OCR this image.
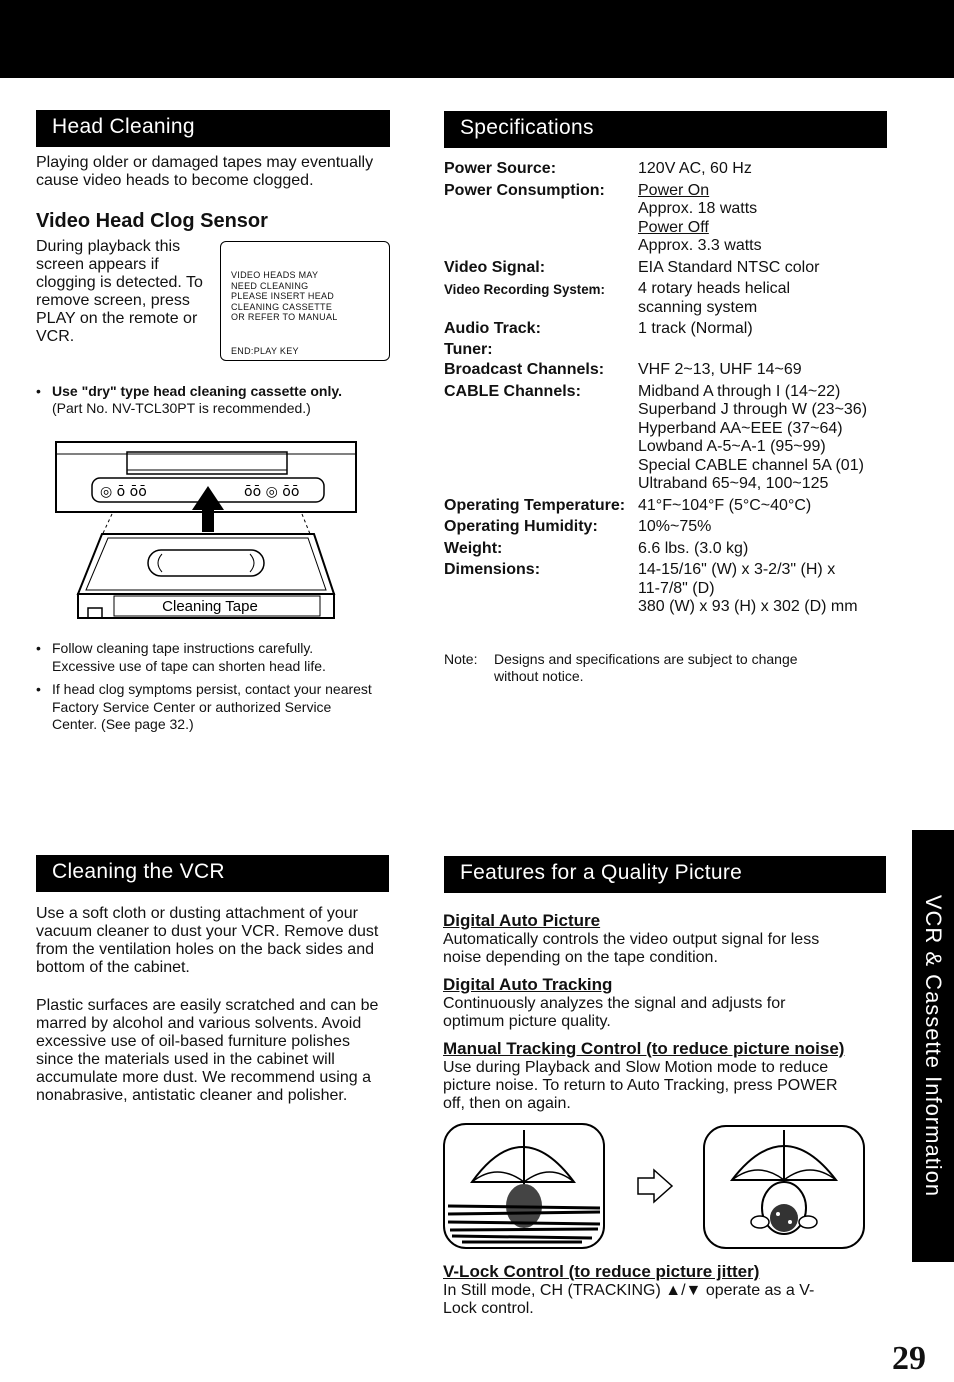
Head Cleaning

Playing older or damaged tapes may eventually cause video heads to become clogged.

Video Head Clog Sensor

During playback this screen appears if clogging is detected. To remove screen, press PLAY on the remote or VCR.

VIDEO HEADS MAY
NEED CLEANING
PLEASE INSERT HEAD
CLEANING CASSETTE
OR REFER TO MANUAL
END:PLAY KEY

• Use "dry" type head cleaning cassette only.
(Part No. NV-TCL30PT is recommended.)

◎ ō ōō	ōō ◎ ōō
Cleaning Tape
• Follow cleaning tape instructions carefully. Excessive use of tape can shorten head life.
• If head clog symptoms persist, contact your nearest Factory Service Center or authorized Service Center. (See page 32.)
Specifications
Power Source:	120V AC, 60 Hz
Power Consumption:	Power On
Approx. 18 watts
Power Off
Approx. 3.3 watts
Video Signal:	EIA Standard NTSC color
Video Recording System:	4 rotary heads helical
scanning system
Audio Track:	1 track (Normal)
Tuner:
Broadcast Channels:	VHF 2~13, UHF 14~69
CABLE Channels:	Midband A through I (14~22)
Superband J through W (23~36)
Hyperband AA~EEE (37~64)
Lowband A-5~A-1 (95~99)
Special CABLE channel 5A (01)
Ultraband 65~94, 100~125
Operating Temperature: 41°F~104°F (5°C~40°C)
Operating Humidity:	10%~75%
Weight:	6.6 lbs. (3.0 kg)
Dimensions:	14-15/16" (W) x 3-2/3" (H) x
11-7/8" (D)
380 (W) x 93 (H) x 302 (D) mm
Note:	Designs and specifications are subject to change without notice.
Cleaning the VCR

Use a soft cloth or dusting attachment of your vacuum cleaner to dust your VCR. Remove dust from the ventilation holes on the back sides and bottom of the cabinet.

Plastic surfaces are easily scratched and can be marred by alcohol and various solvents. Avoid excessive use of oil-based furniture polishes since the materials used in the cabinet will accumulate more dust. We recommend using a nonabrasive, antistatic cleaner and polisher.

Features for a Quality Picture
Digital Auto Picture
Automatically controls the video output signal for less noise depending on the tape condition.
Digital Auto Tracking
Continuously analyzes the signal and adjusts for optimum picture quality.
Manual Tracking Control (to reduce picture noise)
Use during Playback and Slow Motion mode to reduce picture noise. To return to Auto Tracking, press POWER off, then on again.
V-Lock Control (to reduce picture jitter)
In Still mode, CH (TRACKING) ▲/▼ operate as a V-Lock control.
VCR & Cassette Information
29
